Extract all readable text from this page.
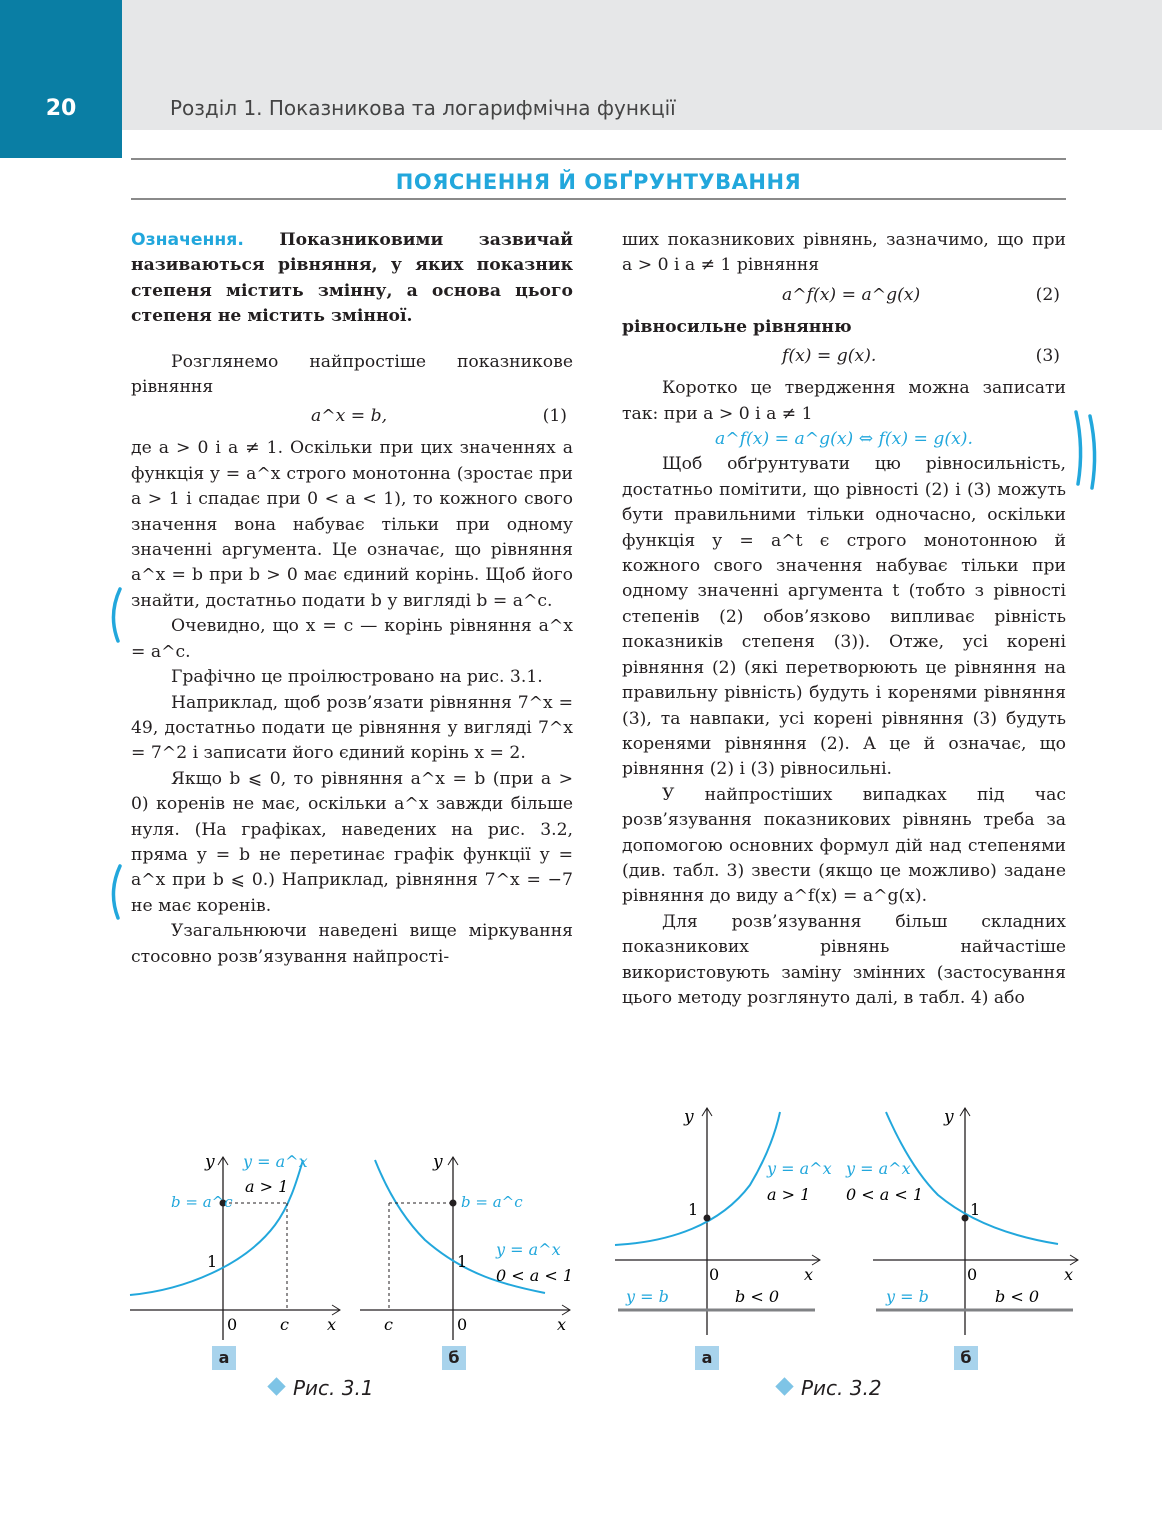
20	Розділ 1. Показникова та логарифмічна функції
ПОЯСНЕННЯ Й ОБҐРУНТУВАННЯ

Означення. Показниковими зазвичай називаються рівняння, у яких показник степеня містить змінну, а основа цього степеня не містить змінної.

Розглянемо найпростіше показникове рівняння

a^x = b,	(1)

де a > 0 і a ≠ 1. Оскільки при цих значеннях a функція y = a^x строго монотонна (зростає при a > 1 і спадає при 0 < a < 1), то кожного свого значення вона набуває тільки при одному значенні аргумента. Це означає, що рівняння a^x = b при b > 0 має єдиний корінь. Щоб його знайти, достатньо подати b у вигляді b = a^c.

Очевидно, що x = c — корінь рівняння a^x = a^c.

Графічно це проілюстровано на рис. 3.1.

Наприклад, щоб розв’язати рівняння 7^x = 49, достатньо подати це рівняння у вигляді 7^x = 7^2 і записати його єдиний корінь x = 2.

Якщо b ⩽ 0, то рівняння a^x = b (при a > 0) коренів не має, оскільки a^x завжди більше нуля. (На графіках, наведених на рис. 3.2, пряма y = b не перетинає графік функції y = a^x при b ⩽ 0.) Наприклад, рівняння 7^x = −7 не має коренів.

Узагальнюючи наведені вище міркування стосовно розв’язування найпрості-

ших показникових рівнянь, зазначимо, що при a > 0 і a ≠ 1 рівняння

a^f(x) = a^g(x)	(2)

рівносильне рівнянню

f(x) = g(x).	(3)

Коротко це твердження можна записати так: при a > 0 і a ≠ 1

a^f(x) = a^g(x) ⇔ f(x) = g(x).

Щоб обґрунтувати цю рівносильність, достатньо помітити, що рівності (2) і (3) можуть бути правильними тільки одночасно, оскільки функція y = a^t є строго монотонною й кожного свого значення набуває тільки при одному значенні аргумента t (тобто з рівності степенів (2) обов’язково випливає рівність показників степеня (3)). Отже, усі корені рівняння (2) (які перетворюють це рівняння на правильну рівність) будуть і коренями рівняння (3), та навпаки, усі корені рівняння (3) будуть коренями рівняння (2). А це й означає, що рівняння (2) і (3) рівносильні.

У найпростіших випадках під час розв’язування показникових рівнянь треба за допомогою основних формул дій над степенями (див. табл. 3) звести (якщо це можливо) задане рівняння до виду a^f(x) = a^g(x).

Для розв’язування більш складних показникових рівнянь найчастіше використовують заміну змінних (застосування цього методу розглянуто далі, в табл. 4) або

y y = a^x
a > 1
b = a^c
1
0	c x
а
y
b = a^c
y = a^x
0 < a < 1
1
0
c	x
б
Рис. 3.1
y
y = a^x
a > 1
1
0	x
y = b	b < 0
а
y
y = a^x
0 < a < 1
1
0	x
y = b	b < 0
б
Рис. 3.2
